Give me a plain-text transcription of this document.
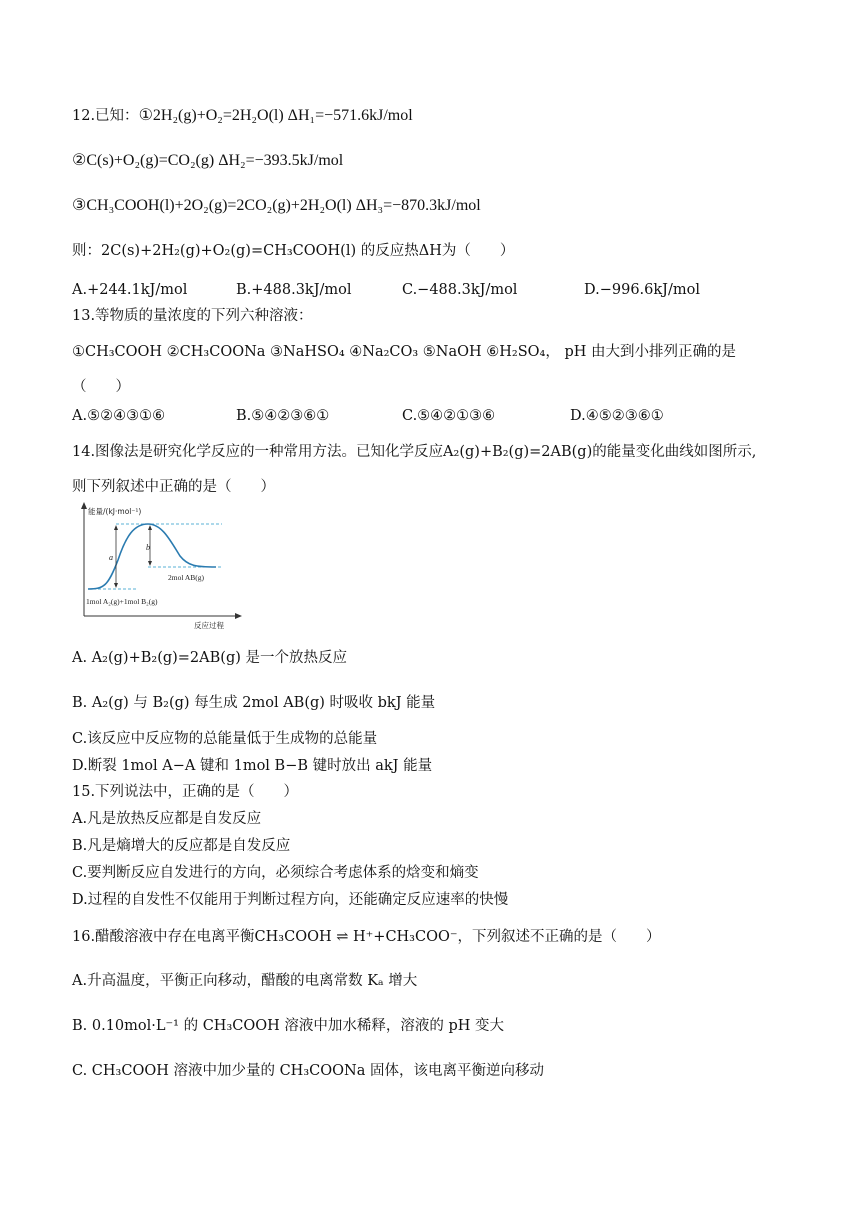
12.已知：①2H₂(g)+O₂=2H₂O(l) ΔH₁=−571.6kJ/mol
②C(s)+O₂(g)=CO₂(g) ΔH₂=−393.5kJ/mol
③CH₃COOH(l)+2O₂(g)=2CO₂(g)+2H₂O(l) ΔH₃=−870.3kJ/mol
则：2C(s)+2H₂(g)+O₂(g)=CH₃COOH(l) 的反应热ΔH为（　　）
A.+244.1kJ/mol	B.+488.3kJ/mol	C.−488.3kJ/mol	D.−996.6kJ/mol
13.等物质的量浓度的下列六种溶液：
①CH₃COOH ②CH₃COONa ③NaHSO₄ ④Na₂CO₃ ⑤NaOH ⑥H₂SO₄， pH 由大到小排列正确的是
（　　）
A.⑤②④③①⑥	B.⑤④②③⑥①	C.⑤④②①③⑥	D.④⑤②③⑥①
14.图像法是研究化学反应的一种常用方法。已知化学反应A₂(g)+B₂(g)=2AB(g)的能量变化曲线如图所示,
则下列叙述中正确的是（　　）
能量/(kJ·mol⁻¹)
a
b
2mol AB(g)
1mol A₂(g)+1mol B₂(g)
反应过程
A. A₂(g)+B₂(g)=2AB(g) 是一个放热反应
B. A₂(g) 与 B₂(g) 每生成 2mol AB(g) 时吸收 bkJ 能量
C.该反应中反应物的总能量低于生成物的总能量
D.断裂 1mol A−A 键和 1mol B−B 键时放出 akJ 能量
15.下列说法中，正确的是（　　）
A.凡是放热反应都是自发反应
B.凡是熵增大的反应都是自发反应
C.要判断反应自发进行的方向，必须综合考虑体系的焓变和熵变
D.过程的自发性不仅能用于判断过程方向，还能确定反应速率的快慢
16.醋酸溶液中存在电离平衡CH₃COOH ⇌ H⁺+CH₃COO⁻，下列叙述不正确的是（　　）
A.升高温度，平衡正向移动，醋酸的电离常数 Kₐ 增大
B. 0.10mol·L⁻¹ 的 CH₃COOH 溶液中加水稀释，溶液的 pH 变大
C. CH₃COOH 溶液中加少量的 CH₃COONa 固体，该电离平衡逆向移动
